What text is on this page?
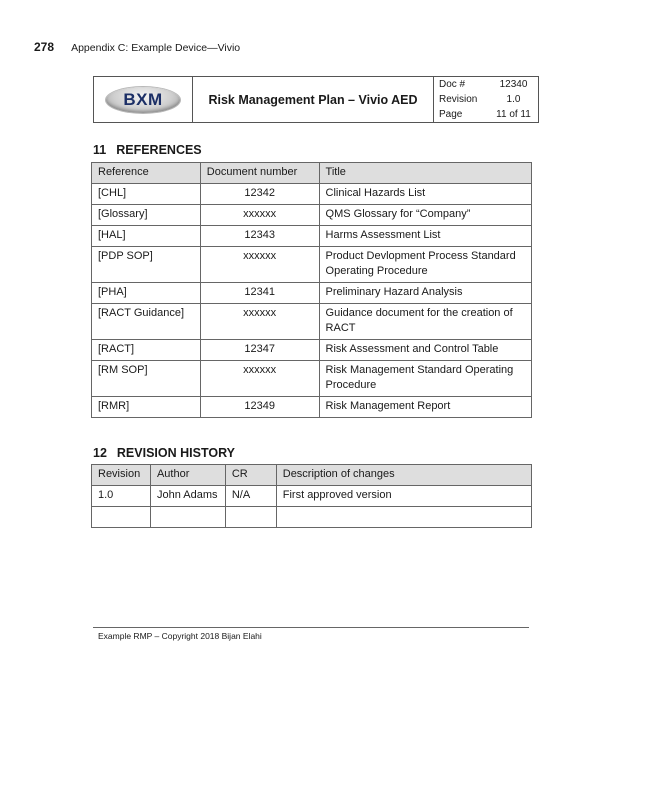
278 Appendix C: Example Device—Vivio
BXM	Risk Management Plan – Vivio AED	
Doc #	12340
Revision	1.0
Page	11 of 11
11 REFERENCES
Reference	Document number	Title
[CHL]	12342	Clinical Hazards List
[Glossary]	xxxxxx	QMS Glossary for “Company”
[HAL]	12343	Harms Assessment List
[PDP SOP]	xxxxxx	Product Devlopment Process Standard Operating Procedure
[PHA]	12341	Preliminary Hazard Analysis
[RACT Guidance]	xxxxxx	Guidance document for the creation of RACT
[RACT]	12347	Risk Assessment and Control Table
[RM SOP]	xxxxxx	Risk Management Standard Operating Procedure
[RMR]	12349	Risk Management Report
12 REVISION HISTORY
Revision	Author	CR	Description of changes
1.0	John Adams	N/A	First approved version

Example RMP – Copyright 2018 Bijan Elahi
